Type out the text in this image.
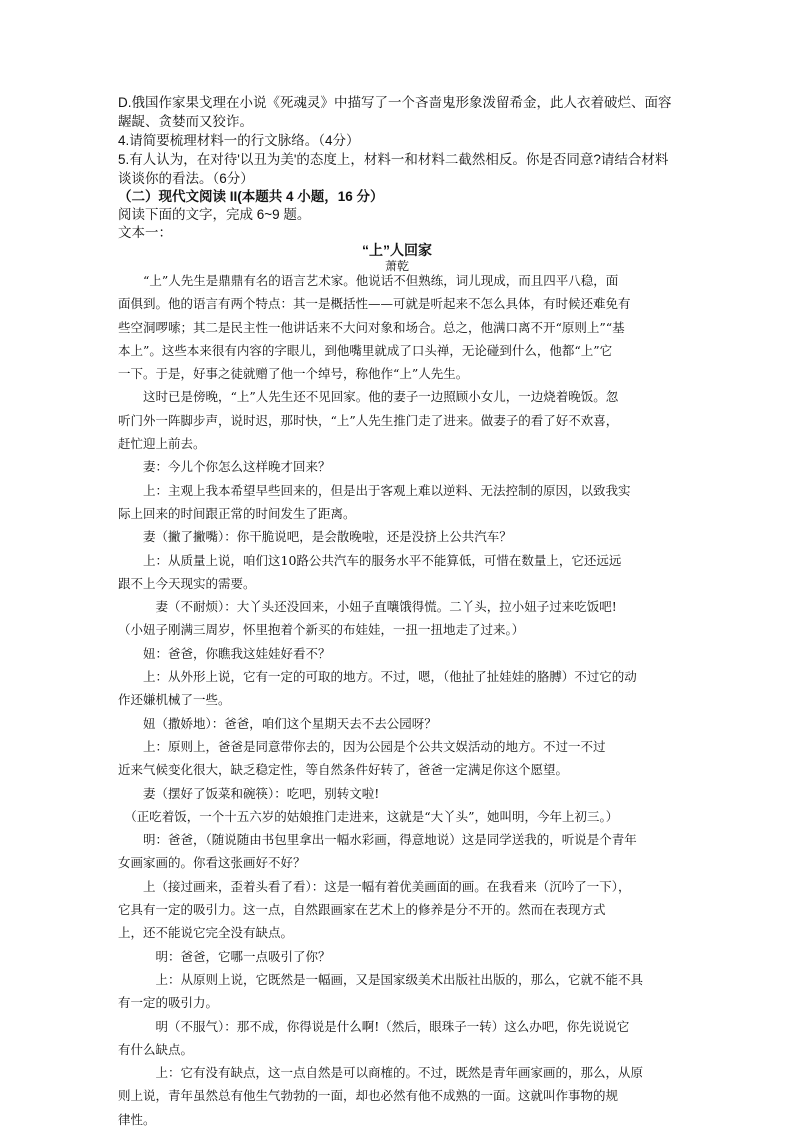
D.俄国作家果戈理在小说《死魂灵》中描写了一个吝啬鬼形象泼留希金，此人衣着破烂、面容
龌龊、贪婪而又狡诈。
4.请简要梳理材料一的行文脉络。（4分）
5.有人认为，在对待'以丑为美'的态度上，材料一和材料二截然相反。你是否同意?请结合材料
谈谈你的看法。（6分）
（二）现代文阅读 II(本题共 4 小题，16 分）
阅读下面的文字，完成 6~9 题。
文本一：
“上”人回家
萧乾

　　“上”人先生是鼎鼎有名的语言艺术家。他说话不但熟练，词儿现成，而且四平八稳，面

面俱到。他的语言有两个特点：其一是概括性——可就是听起来不怎么具体，有时候还难免有

些空洞啰嗦；其二是民主性一他讲话来不大问对象和场合。总之，他满口离不开“原则上”“基

本上”。这些本来很有内容的字眼儿，到他嘴里就成了口头禅，无论碰到什么，他都“上”它

一下。于是，好事之徒就赠了他一个绰号，称他作“上”人先生。

　　这时已是傍晚，“上”人先生还不见回家。他的妻子一边照顾小女儿，一边烧着晚饭。忽

听门外一阵脚步声，说时迟，那时快，“上”人先生推门走了进来。做妻子的看了好不欢喜，

赶忙迎上前去。

　　妻：今儿个你怎么这样晚才回来？

　　上：主观上我本希望早些回来的，但是出于客观上难以逆料、无法控制的原因，以致我实

际上回来的时间跟正常的时间发生了距离。

　　妻（撇了撇嘴）：你干脆说吧，是会散晚啦，还是没挤上公共汽车？

　　上：从质量上说，咱们这10路公共汽车的服务水平不能算低，可惜在数量上，它还远远

跟不上今天现实的需要。

　　　妻（不耐烦）：大丫头还没回来，小妞子直嚷饿得慌。二丫头，拉小妞子过来吃饭吧!

（小妞子刚满三周岁，怀里抱着个新买的布娃娃，一扭一扭地走了过来。）

　　妞：爸爸，你瞧我这娃娃好看不？

　　上：从外形上说，它有一定的可取的地方。不过，嗯，（他扯了扯娃娃的胳膊）不过它的动

作还嫌机械了一些。

　　妞（撒娇地）：爸爸，咱们这个星期天去不去公园呀？

　　上：原则上，爸爸是同意带你去的，因为公园是个公共文娱活动的地方。不过一不过

近来气候变化很大，缺乏稳定性，等自然条件好转了，爸爸一定满足你这个愿望。

　　妻（摆好了饭菜和碗筷）：吃吧，别转文啦!

　（正吃着饭，一个十五六岁的姑娘推门走进来，这就是“大丫头”，她叫明，今年上初三。）

　　明：爸爸，（随说随由书包里拿出一幅水彩画，得意地说）这是同学送我的，听说是个青年

女画家画的。你看这张画好不好？

　　上（接过画来，歪着头看了看）：这是一幅有着优美画面的画。在我看来（沉吟了一下），

它具有一定的吸引力。这一点，自然跟画家在艺术上的修养是分不开的。然而在表现方式

上，还不能说它完全没有缺点。

　　　明：爸爸，它哪一点吸引了你？

　　　上：从原则上说，它既然是一幅画，又是国家级美术出版社出版的，那么，它就不能不具

有一定的吸引力。

　　　明（不服气）：那不成，你得说是什么啊!（然后，眼珠子一转）这么办吧，你先说说它

有什么缺点。

　　　上：它有没有缺点，这一点自然是可以商榷的。不过，既然是青年画家画的，那么，从原

则上说，青年虽然总有他生气勃勃的一面，却也必然有他不成熟的一面。这就叫作事物的规

律性。
